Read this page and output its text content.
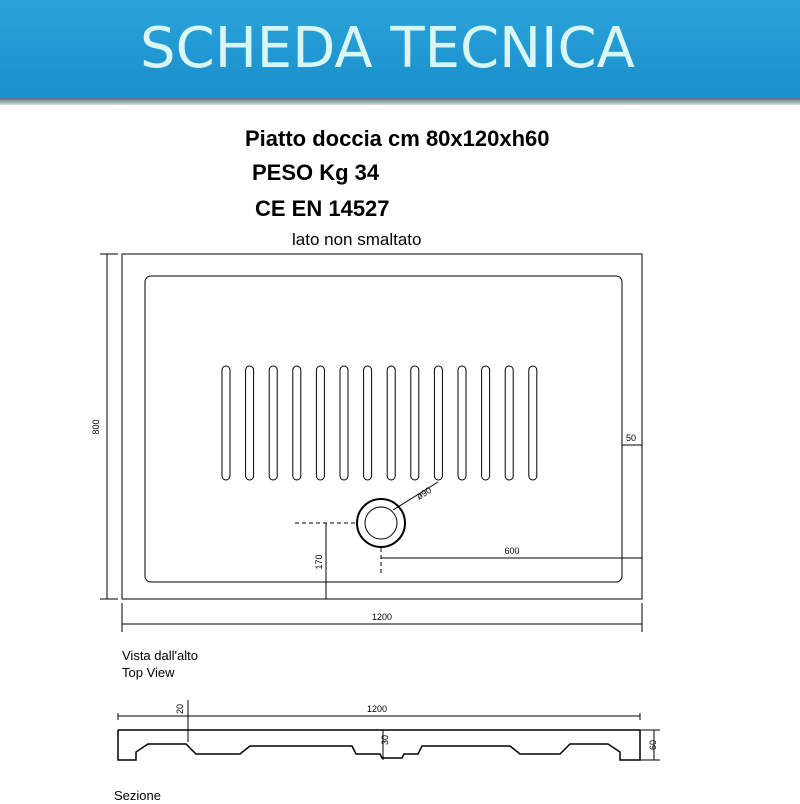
SCHEDA TECNICA
Piatto doccia cm 80x120xh60
PESO Kg 34
CE EN 14527
lato non smaltato
800
1200
50
ø90
600
170
1200
20
30	60
Vista dall'alto
Top View
Sezione
